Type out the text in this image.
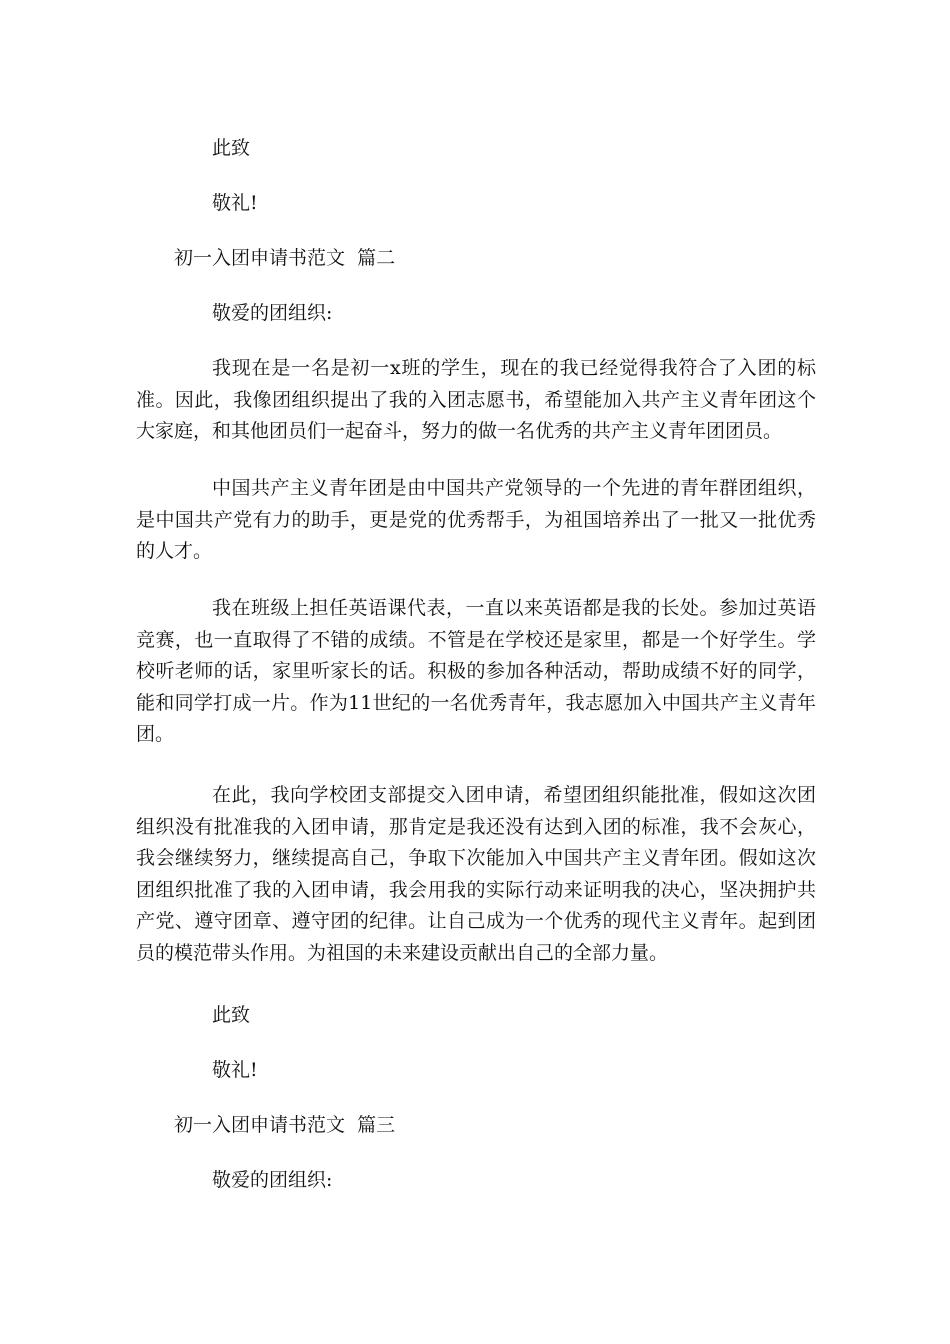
此致

敬礼!

初一入团申请书范文  篇二

敬爱的团组织:

我现在是一名是初一x班的学生，现在的我已经觉得我符合了入团的标准。因此，我像团组织提出了我的入团志愿书，希望能加入共产主义青年团这个大家庭，和其他团员们一起奋斗，努力的做一名优秀的共产主义青年团团员。

中国共产主义青年团是由中国共产党领导的一个先进的青年群团组织，是中国共产党有力的助手，更是党的优秀帮手，为祖国培养出了一批又一批优秀的人才。

我在班级上担任英语课代表，一直以来英语都是我的长处。参加过英语竞赛，也一直取得了不错的成绩。不管是在学校还是家里，都是一个好学生。学校听老师的话，家里听家长的话。积极的参加各种活动，帮助成绩不好的同学，能和同学打成一片。作为11世纪的一名优秀青年，我志愿加入中国共产主义青年团。

在此，我向学校团支部提交入团申请，希望团组织能批准，假如这次团组织没有批准我的入团申请，那肯定是我还没有达到入团的标准，我不会灰心，我会继续努力，继续提高自己，争取下次能加入中国共产主义青年团。假如这次团组织批准了我的入团申请，我会用我的实际行动来证明我的决心，坚决拥护共产党、遵守团章、遵守团的纪律。让自己成为一个优秀的现代主义青年。起到团员的模范带头作用。为祖国的未来建设贡献出自己的全部力量。

此致

敬礼!

初一入团申请书范文  篇三

敬爱的团组织:
